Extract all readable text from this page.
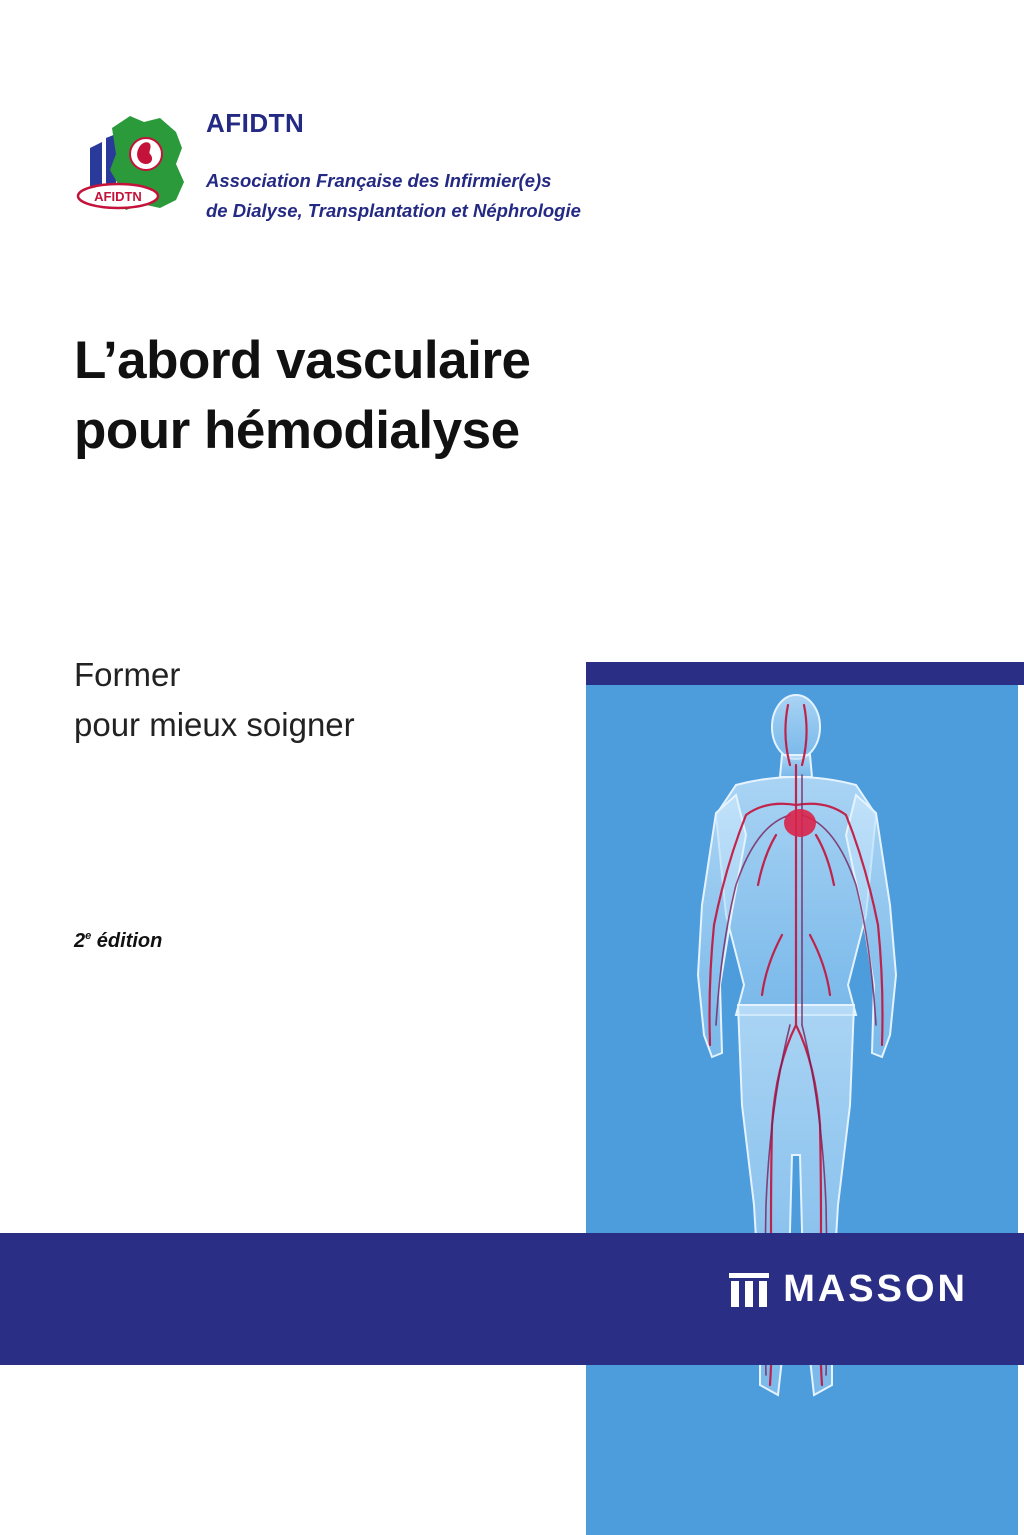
AFIDTN

AFIDTN

Association Française des Infirmier(e)s
de Dialyse, Transplantation et Néphrologie

L’abord vasculaire
pour hémodialyse

Former
pour mieux soigner

2e édition
MASSON
